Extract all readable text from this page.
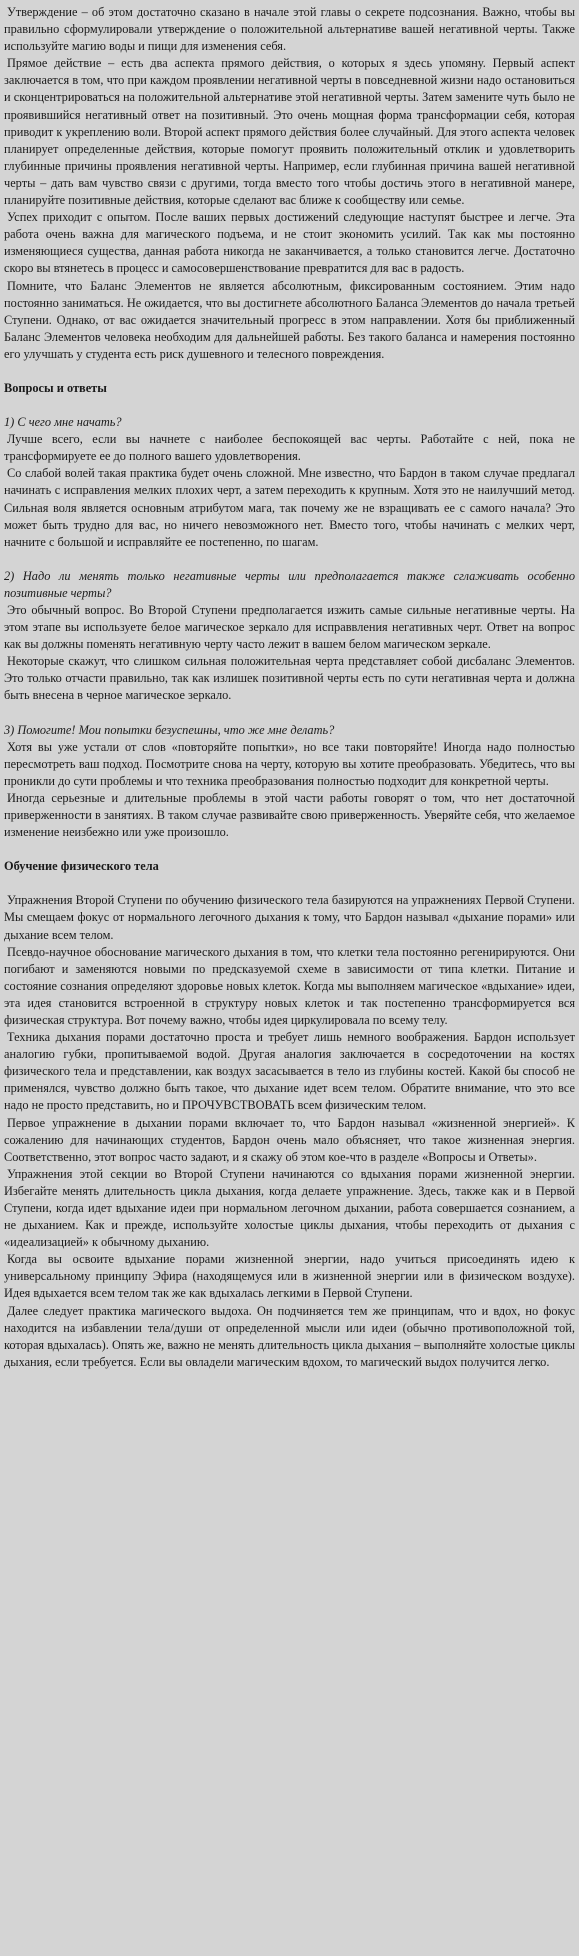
Утверждение – об этом достаточно сказано в начале этой главы о секрете подсознания. Важно, чтобы вы правильно сформулировали утверждение о положительной альтернативе вашей негативной черты. Также используйте магию воды и пищи для изменения себя.

Прямое действие – есть два аспекта прямого действия, о которых я здесь упомяну. Первый аспект заключается в том, что при каждом проявлении негативной черты в повседневной жизни надо остановиться и сконцентрироваться на положительной альтернативе этой негативной черты. Затем замените чуть было не проявившийся негативный ответ на позитивный. Это очень мощная форма трансформации себя, которая приводит к укреплению воли. Второй аспект прямого действия более случайный. Для этого аспекта человек планирует определенные действия, которые помогут проявить положительный отклик и удовлетворить глубинные причины проявления негативной черты. Например, если глубинная причина вашей негативной черты – дать вам чувство связи с другими, тогда вместо того чтобы достичь этого в негативной манере, планируйте позитивные действия, которые сделают вас ближе к сообществу или семье.

Успех приходит с опытом. После ваших первых достижений следующие наступят быстрее и легче. Эта работа очень важна для магического подъема, и не стоит экономить усилий. Так как мы постоянно изменяющиеся существа, данная работа никогда не заканчивается, а только становится легче. Достаточно скоро вы втянетесь в процесс и самосовершенствование превратится для вас в радость.

Помните, что Баланс Элементов не является абсолютным, фиксированным состоянием. Этим надо постоянно заниматься. Не ожидается, что вы достигнете абсолютного Баланса Элементов до начала третьей Ступени. Однако, от вас ожидается значительный прогресс в этом направлении. Хотя бы приближенный Баланс Элементов человека необходим для дальнейшей работы. Без такого баланса и намерения постоянно его улучшать у студента есть риск душевного и телесного повреждения.

Вопросы и ответы

1) С чего мне начать?

Лучше всего, если вы начнете с наиболее беспокоящей вас черты. Работайте с ней, пока не трансформируете ее до полного вашего удовлетворения.

Со слабой волей такая практика будет очень сложной. Мне известно, что Бардон в таком случае предлагал начинать с исправления мелких плохих черт, а затем переходить к крупным. Хотя это не наилучший метод. Сильная воля является основным атрибутом мага, так почему же не взращивать ее с самого начала? Это может быть трудно для вас, но ничего невозможного нет. Вместо того, чтобы начинать с мелких черт, начните с большой и исправляйте ее постепенно, по шагам.

2) Надо ли менять только негативные черты или предполагается также сглаживать особенно позитивные черты?

Это обычный вопрос. Во Второй Ступени предполагается изжить самые сильные негативные черты. На этом этапе вы используете белое магическое зеркало для исправвления негативных черт. Ответ на вопрос как вы должны поменять негативную черту часто лежит в вашем белом магическом зеркале.

Некоторые скажут, что слишком сильная положительная черта представляет собой дисбаланс Элементов. Это только отчасти правильно, так как излишек позитивной черты есть по сути негативная черта и должна быть внесена в черное магическое зеркало.

3) Помогите! Мои попытки безуспешны, что же мне делать?

Хотя вы уже устали от слов «повторяйте попытки», но все таки повторяйте! Иногда надо полностью пересмотреть ваш подход. Посмотрите снова на черту, которую вы хотите преобразовать. Убедитесь, что вы проникли до сути проблемы и что техника преобразования полностью подходит для конкретной черты.

Иногда серьезные и длительные проблемы в этой части работы говорят о том, что нет достаточной приверженности в занятиях. В таком случае развивайте свою приверженность. Уверяйте себя, что желаемое изменение неизбежно или уже произошло.

Обучение физического тела

Упражнения Второй Ступени по обучению физического тела базируются на упражнениях Первой Ступени. Мы смещаем фокус от нормального легочного дыхания к тому, что Бардон называл «дыхание порами» или дыхание всем телом.

Псевдо-научное обоснование магического дыхания в том, что клетки тела постоянно регенирируются. Они погибают и заменяются новыми по предсказуемой схеме в зависимости от типа клетки. Питание и состояние сознания определяют здоровье новых клеток. Когда мы выполняем магическое «вдыхание» идеи, эта идея становится встроенной в структуру новых клеток и так постепенно трансформируется вся физическая структура. Вот почему важно, чтобы идея циркулировала по всему телу.

Техника дыхания порами достаточно проста и требует лишь немного воображения. Бардон использует аналогию губки, пропитываемой водой. Другая аналогия заключается в сосредоточении на костях физического тела и представлении, как воздух засасывается в тело из глубины костей. Какой бы способ не применялся, чувство должно быть такое, что дыхание идет всем телом. Обратите внимание, что это все надо не просто представить, но и ПРОЧУВСТВОВАТЬ всем физическим телом.

Первое упражнение в дыхании порами включает то, что Бардон называл «жизненной энергией». К сожалению для начинающих студентов, Бардон очень мало объясняет, что такое жизненная энергия. Соответственно, этот вопрос часто задают, и я скажу об этом кое-что в разделе «Вопросы и Ответы».

Упражнения этой секции во Второй Ступени начинаются со вдыхания порами жизненной энергии. Избегайте менять длительность цикла дыхания, когда делаете упражнение. Здесь, также как и в Первой Ступени, когда идет вдыхание идеи при нормальном легочном дыхании, работа совершается сознанием, а не дыханием. Как и прежде, используйте холостые циклы дыхания, чтобы переходить от дыхания с «идеализацией» к обычному дыханию.

Когда вы освоите вдыхание порами жизненной энергии, надо учиться присоединять идею к универсальному принципу Эфира (находящемуся или в жизненной энергии или в физическом воздухе). Идея вдыхается всем телом так же как вдыхалась легкими в Первой Ступени.

Далее следует практика магического выдоха. Он подчиняется тем же принципам, что и вдох, но фокус находится на избавлении тела/души от определенной мысли или идеи (обычно противоположной той, которая вдыхалась). Опять же, важно не менять длительность цикла дыхания – выполняйте холостые циклы дыхания, если требуется. Если вы овладели магическим вдохом, то магический выдох получится легко.
